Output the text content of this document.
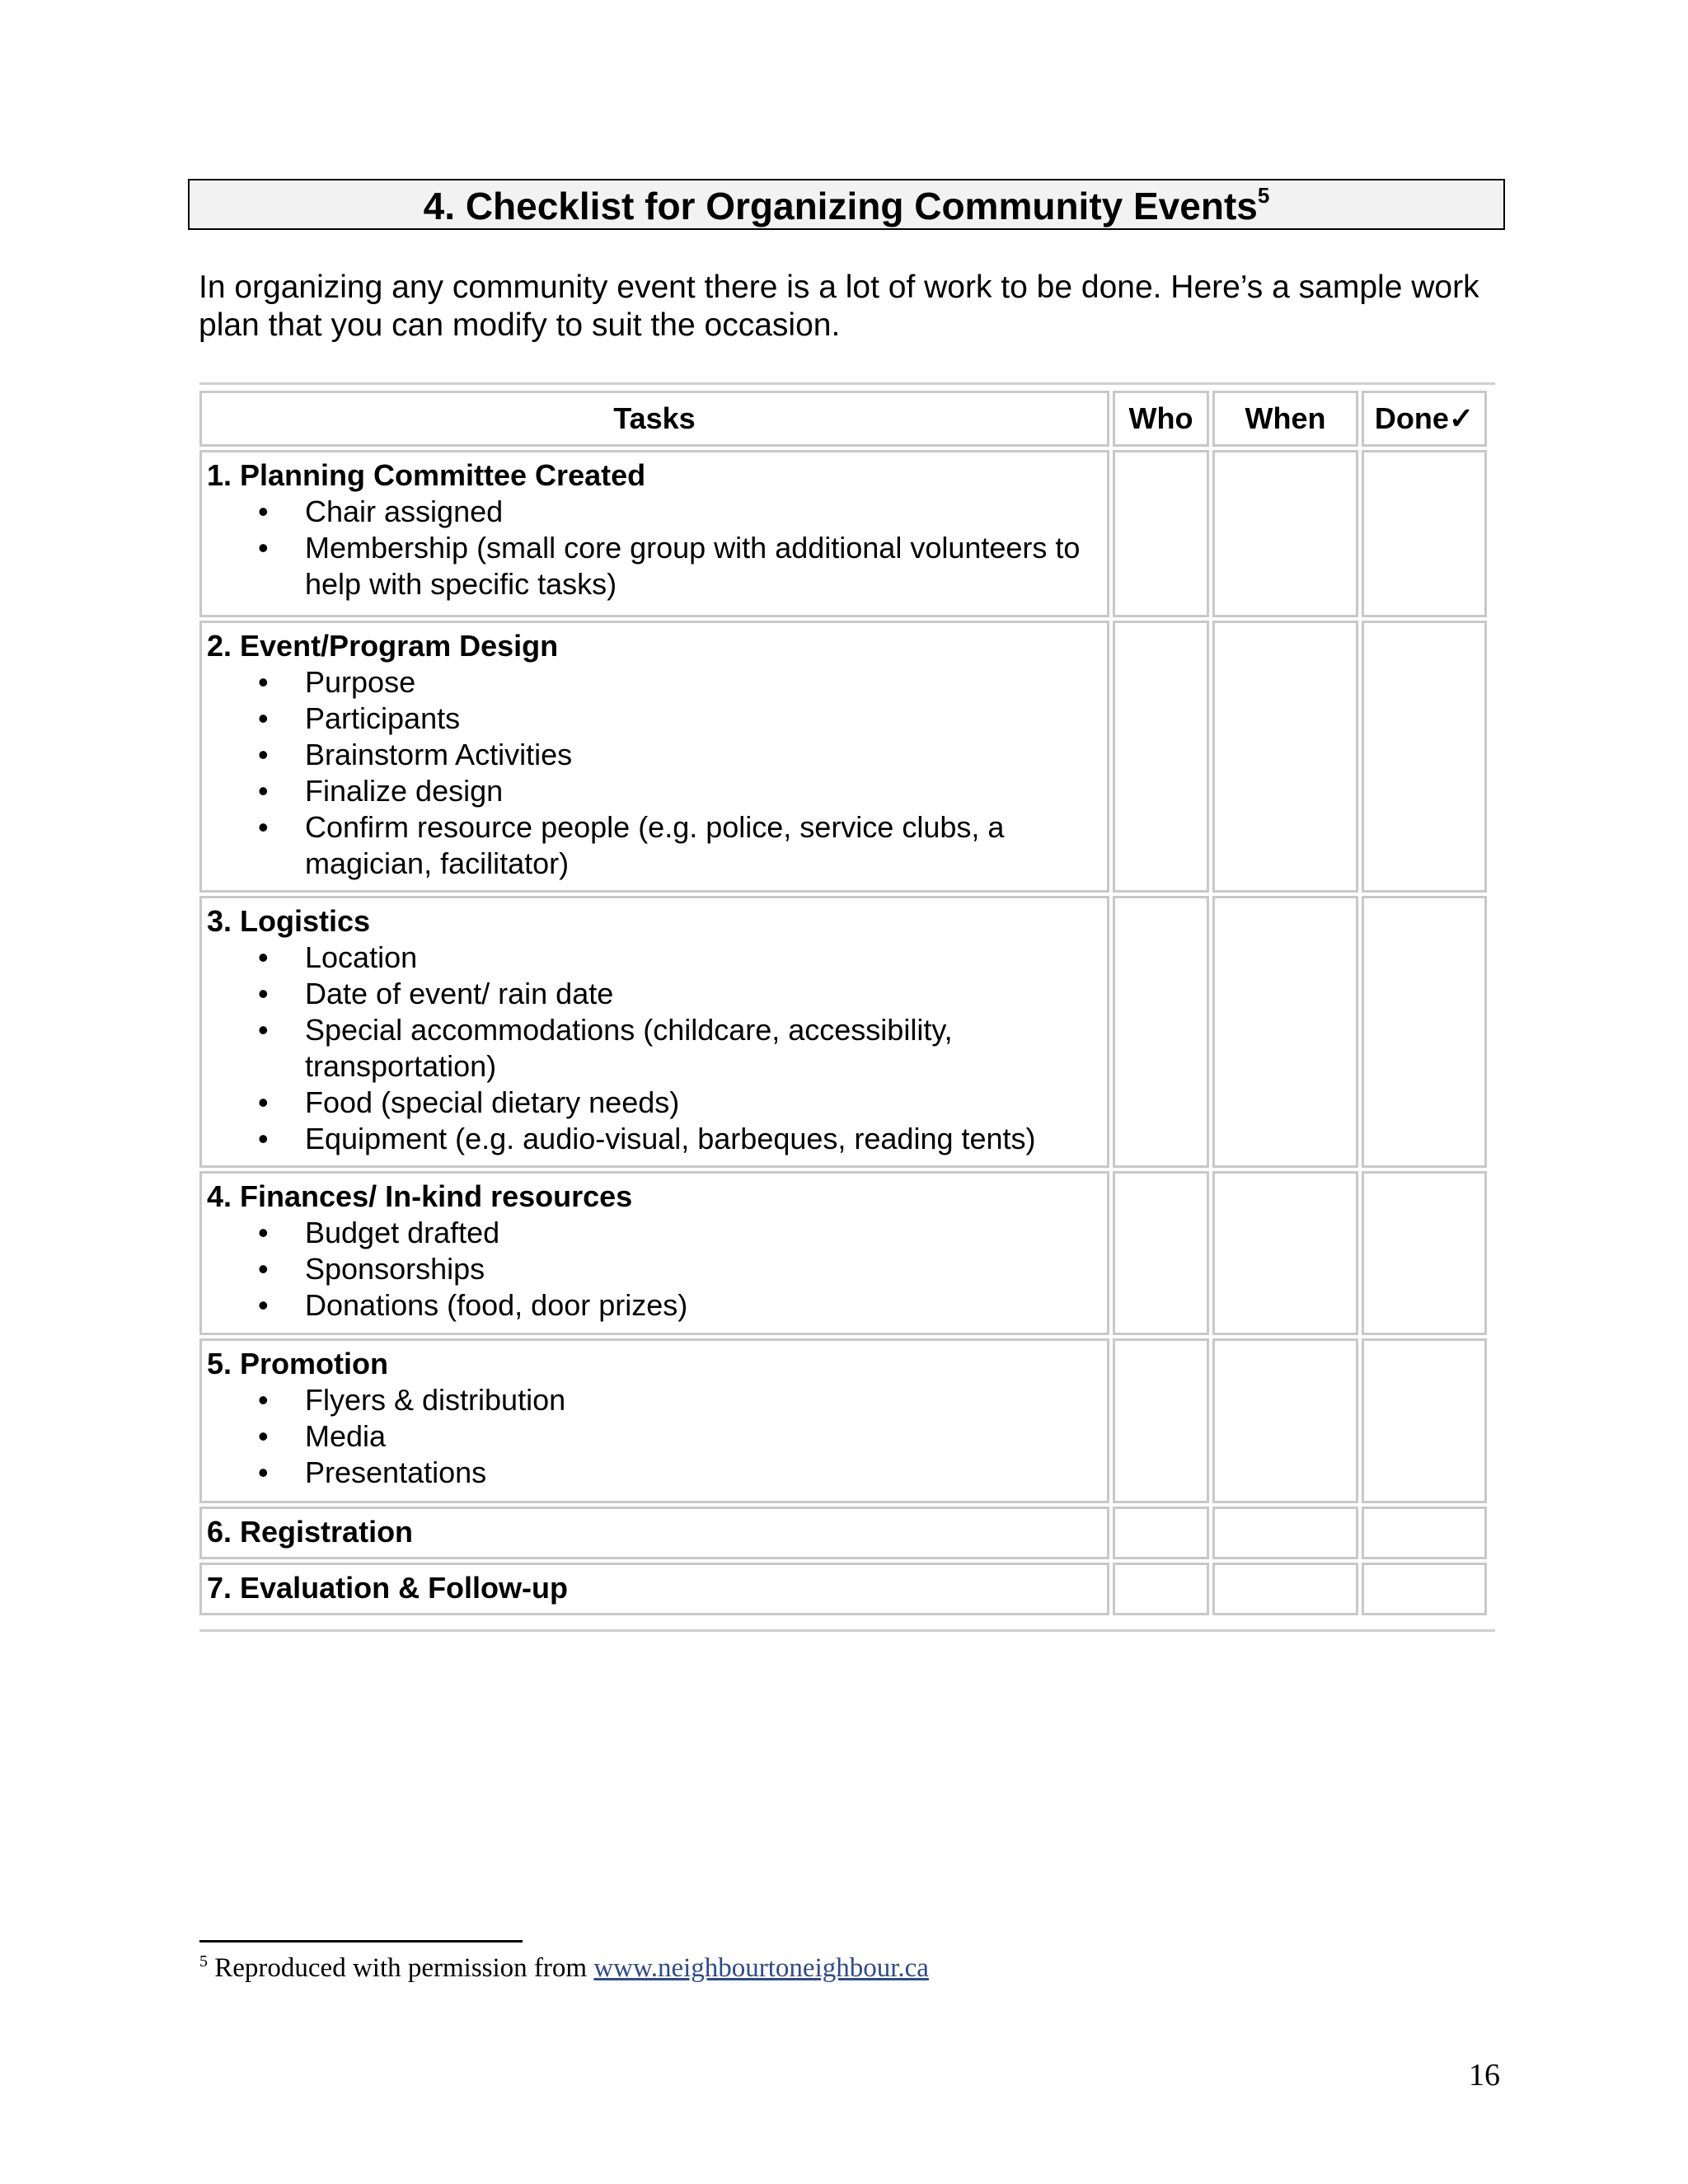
4. Checklist for Organizing Community Events$^5$
In organizing any community event there is a lot of work to be done. Here’s a sample work plan that you can modify to suit the occasion.
Tasks	Who	When	Done✓
1. Planning Committee Created
• Chair assigned
• Membership (small core group with additional volunteers to help with specific tasks)
2. Event/Program Design
• Purpose
• Participants
• Brainstorm Activities
• Finalize design
• Confirm resource people (e.g. police, service clubs, a magician, facilitator)
3. Logistics
• Location
• Date of event/ rain date
• Special accommodations (childcare, accessibility, transportation)
• Food (special dietary needs)
• Equipment (e.g. audio-visual, barbeques, reading tents)
4. Finances/ In-kind resources
• Budget drafted
• Sponsorships
• Donations (food, door prizes)
5. Promotion
• Flyers & distribution
• Media
• Presentations
6. Registration
7. Evaluation & Follow-up
$^5$ Reproduced with permission from www.neighbourtoneighbour.ca
16
